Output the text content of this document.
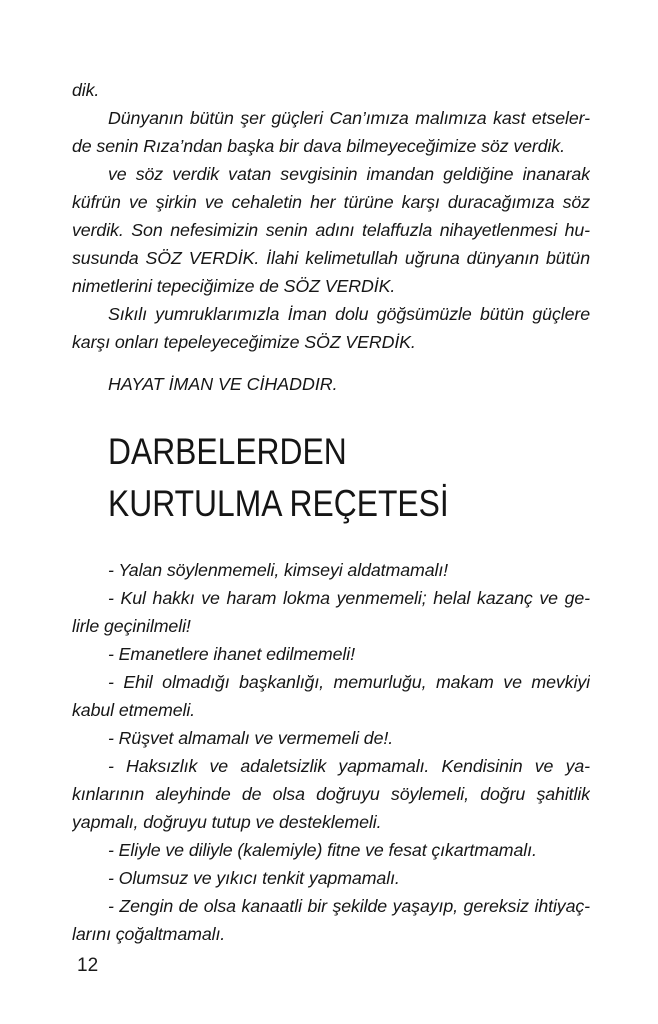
dik.
Dünyanın bütün şer güçleri Can’ımıza malımıza kast etseler-
de senin Rıza’ndan başka bir dava bilmeyeceğimize söz verdik.
ve söz verdik vatan sevgisinin imandan geldiğine inanarak
küfrün ve şirkin ve cehaletin her türüne karşı duracağımıza söz
verdik. Son nefesimizin senin adını telaffuzla nihayetlenmesi hu-
susunda SÖZ VERDİK. İlahi kelimetullah uğruna dünyanın bütün
nimetlerini tepeciğimize de SÖZ VERDİK.
Sıkılı yumruklarımızla İman dolu göğsümüzle bütün güçlere
karşı onları tepeleyeceğimize SÖZ VERDİK.
HAYAT İMAN VE CİHADDIR.
DARBELERDEN
KURTULMA REÇETESİ
- Yalan söylenmemeli, kimseyi aldatmamalı!
- Kul hakkı ve haram lokma yenmemeli; helal kazanç ve ge-
lirle geçinilmeli!
- Emanetlere ihanet edilmemeli!
- Ehil olmadığı başkanlığı, memurluğu, makam ve mevkiyi
kabul etmemeli.
- Rüşvet almamalı ve vermemeli de!.
- Haksızlık ve adaletsizlik yapmamalı. Kendisinin ve ya-
kınlarının aleyhinde de olsa doğruyu söylemeli, doğru şahitlik
yapmalı, doğruyu tutup ve desteklemeli.
- Eliyle ve diliyle (kalemiyle) fitne ve fesat çıkartmamalı.
- Olumsuz ve yıkıcı tenkit yapmamalı.
- Zengin de olsa kanaatli bir şekilde yaşayıp, gereksiz ihtiyaç-
larını çoğaltmamalı.
12
